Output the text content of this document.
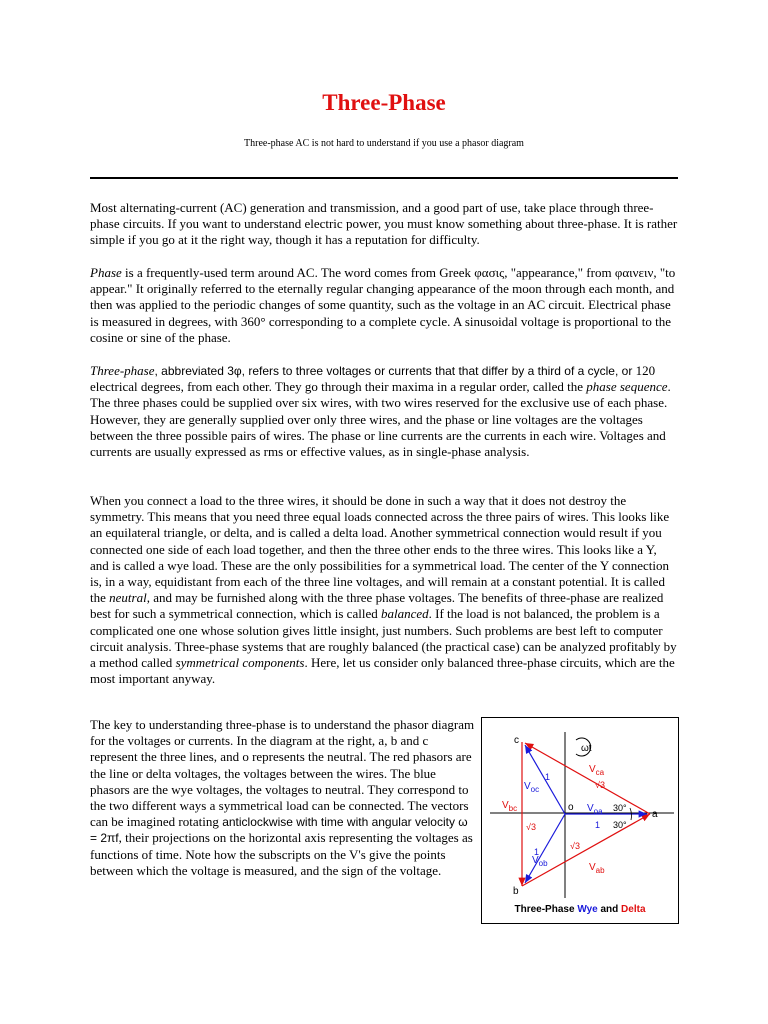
Three-Phase
Three-phase AC is not hard to understand if you use a phasor diagram

Most alternating-current (AC) generation and transmission, and a good part of use, take place through three-phase circuits. If you want to understand electric power, you must know something about three-phase. It is rather simple if you go at it the right way, though it has a reputation for difficulty.

Phase is a frequently-used term around AC. The word comes from Greek φασις, "appearance," from φαινειν, "to appear." It originally referred to the eternally regular changing appearance of the moon through each month, and then was applied to the periodic changes of some quantity, such as the voltage in an AC circuit. Electrical phase is measured in degrees, with 360° corresponding to a complete cycle. A sinusoidal voltage is proportional to the cosine or sine of the phase.

Three-phase, abbreviated 3φ, refers to three voltages or currents that that differ by a third of a cycle, or 120 electrical degrees, from each other. They go through their maxima in a regular order, called the phase sequence. The three phases could be supplied over six wires, with two wires reserved for the exclusive use of each phase. However, they are generally supplied over only three wires, and the phase or line voltages are the voltages between the three possible pairs of wires. The phase or line currents are the currents in each wire. Voltages and currents are usually expressed as rms or effective values, as in single-phase analysis.

When you connect a load to the three wires, it should be done in such a way that it does not destroy the symmetry. This means that you need three equal loads connected across the three pairs of wires. This looks like an equilateral triangle, or delta, and is called a delta load. Another symmetrical connection would result if you connected one side of each load together, and then the three other ends to the three wires. This looks like a Y, and is called a wye load. These are the only possibilities for a symmetrical load. The center of the Y connection is, in a way, equidistant from each of the three line voltages, and will remain at a constant potential. It is called the neutral, and may be furnished along with the three phase voltages. The benefits of three-phase are realized best for such a symmetrical connection, which is called balanced. If the load is not balanced, the problem is a complicated one one whose solution gives little insight, just numbers. Such problems are best left to computer circuit analysis. Three-phase systems that are roughly balanced (the practical case) can be analyzed profitably by a method called symmetrical components. Here, let us consider only balanced three-phase circuits, which are the most important anyway.

The key to understanding three-phase is to understand the phasor diagram for the voltages or currents. In the diagram at the right, a, b and c represent the three lines, and o represents the neutral. The red phasors are the line or delta voltages, the voltages between the wires. The blue phasors are the wye voltages, the voltages to neutral. They correspond to the two different ways a symmetrical load can be connected. The vectors can be imagined rotating anticlockwise with time with angular velocity ω = 2πf, their projections on the horizontal axis representing the voltages as functions of time. Note how the subscripts on the V's give the points between which the voltage is measured, and the sign of the voltage.

c
b
a
o
ωt
$V_{ca}$
$V_{oc}$
$V_{bc}$	$V_{oa}$
$V_{ob}$	$V_{ab}$
1
1
1
√3
√3
√3
30°
30°
Three-Phase Wye and Delta
